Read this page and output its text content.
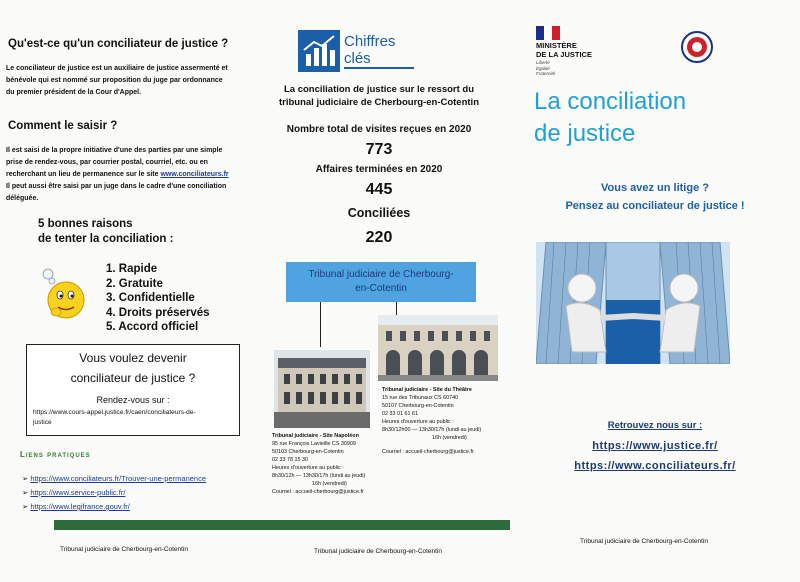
Qu'est-ce qu'un conciliateur de justice ?
Le conciliateur de justice est un auxiliaire de justice assermenté et
bénévole qui est nommé sur proposition du juge par ordonnance
du premier président de la Cour d'Appel.
Comment le saisir ?
Il est saisi de la propre initiative d'une des parties par une simple
prise de rendez-vous, par courrier postal, courriel, etc. ou en
recherchant un lieu de permanence sur le site www.conciliateurs.fr
Il peut aussi être saisi par un juge dans le cadre d'une conciliation
déléguée.
5 bonnes raisons
de tenter la conciliation :
1. Rapide
2. Gratuite
3. Confidentielle
4. Droits préservés
5. Accord officiel
Vous voulez devenir
conciliateur de justice ?
Rendez-vous sur :
https://www.cours-appel.justice.fr/caen/conciliateurs-de-
justice
Liens pratiques
➢ https://www.conciliateurs.fr/Trouver-une-permanence
➢ https://www.service-public.fr/
➢ https://www.legifrance.gouv.fr/
Tribunal judiciaire de Cherbourg-en-Cotentin
Chiffres
clés
La conciliation de justice sur le ressort du
tribunal judiciaire de Cherbourg-en-Cotentin
Nombre total de visites reçues en 2020
773
Affaires terminées en 2020
445
Conciliées
220
Tribunal judiciaire de Cherbourg-
en-Cotentin
Tribunal judiciaire - Site Napoléon
95 rue François Lavieille CS 30909
50103 Cherbourg-en-Cotentin
02 33 78 15 30
Heures d'ouverture au public :
8h30/12h — 13h30/17h (lundi au jeudi)
16h (vendredi)
Courriel : accueil-cherbourg@justice.fr
Tribunal judiciaire - Site du Théâtre
15 rue des Tribunaux CS 60740
50107 Cherbourg-en-Cotentin
02 33 01 61 61
Heures d'ouverture au public :
8h30/12h00 — 13h30/17h (lundi au jeudi)
16h (vendredi)
Courriel : accueil-cherbourg@justice.fr
Tribunal judiciaire de Cherbourg-en-Cotentin
MINISTÈRE
DE LA JUSTICE
Liberté
Égalité
Fraternité
La conciliation
de justice
Vous avez un litige ?
Pensez au conciliateur de justice !
Retrouvez nous sur :
https://www.justice.fr/
https://www.conciliateurs.fr/
Tribunal judiciaire de Cherbourg-en-Cotentin
